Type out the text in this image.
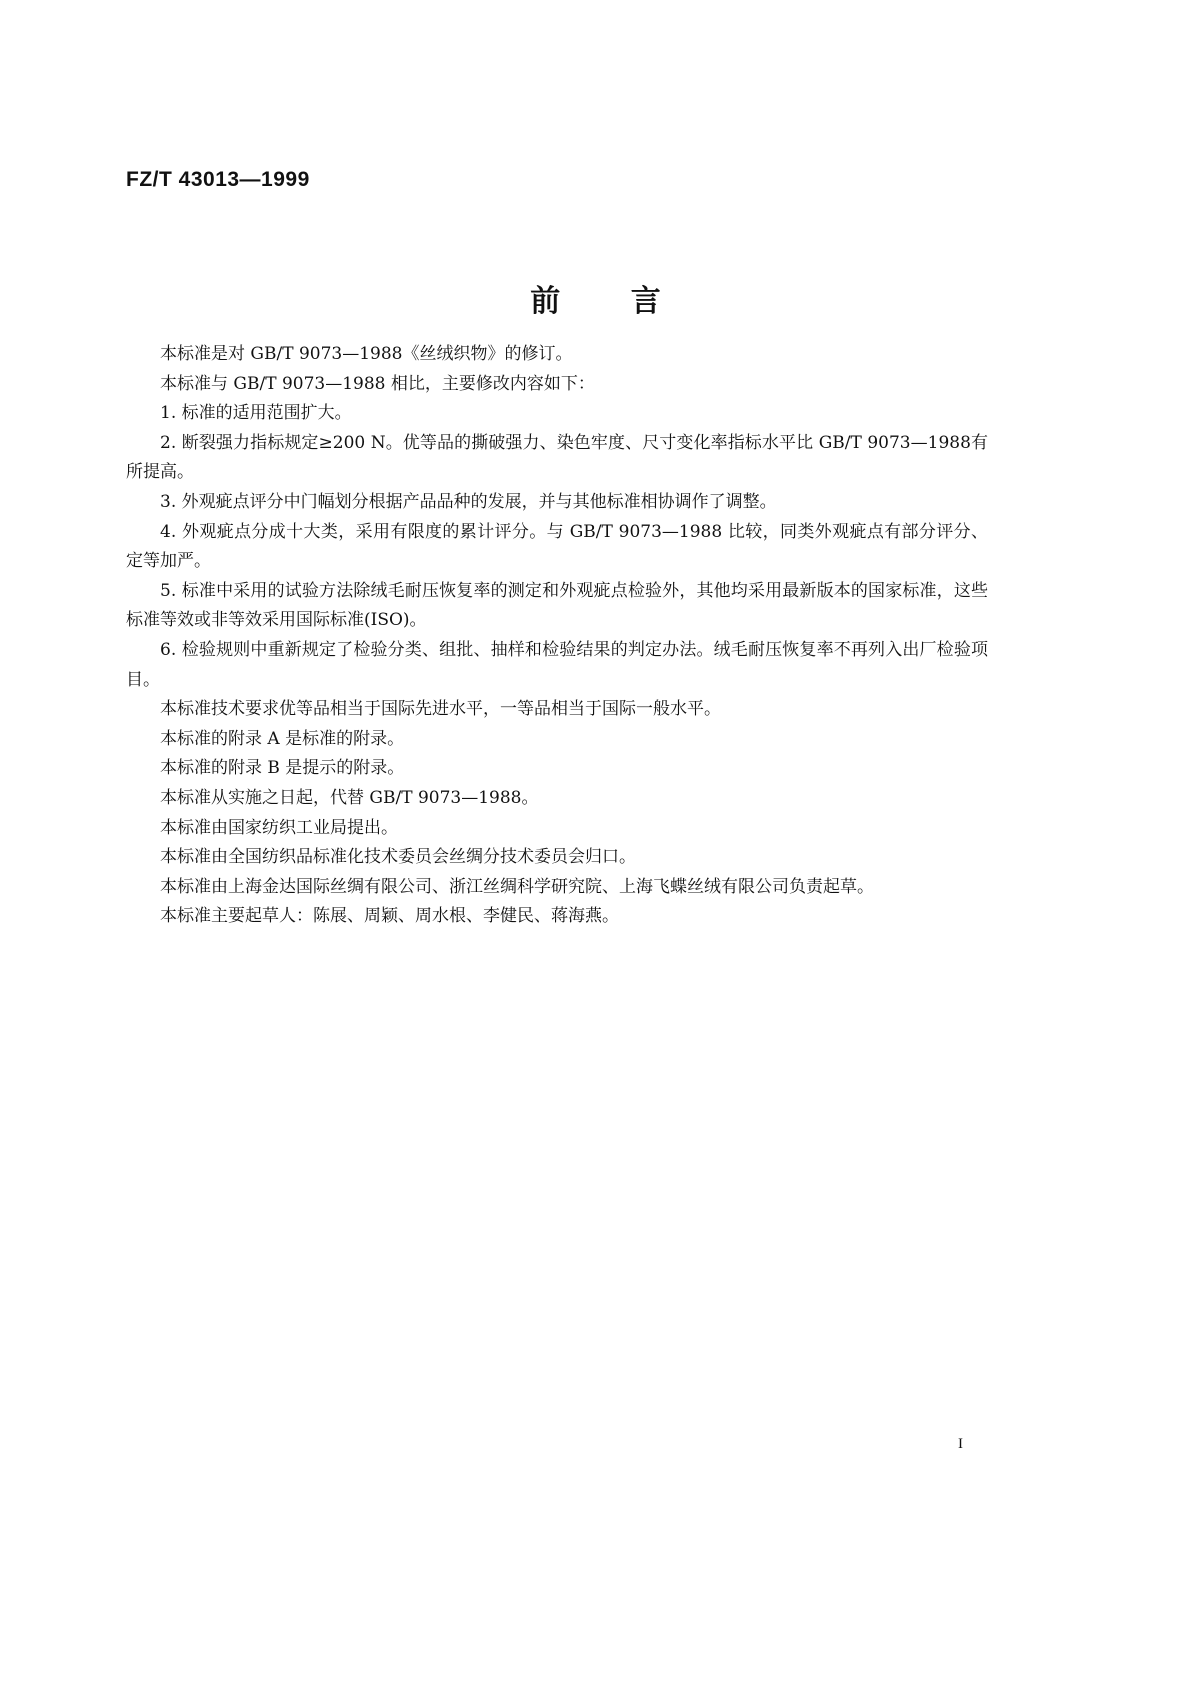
FZ/T 43013—1999
前 言

本标准是对 GB/T 9073—1988《丝绒织物》的修订。

本标准与 GB/T 9073—1988 相比，主要修改内容如下：

1. 标准的适用范围扩大。

2. 断裂强力指标规定≥200 N。优等品的撕破强力、染色牢度、尺寸变化率指标水平比 GB/T 9073—1988有所提高。

3. 外观疵点评分中门幅划分根据产品品种的发展，并与其他标准相协调作了调整。

4. 外观疵点分成十大类，采用有限度的累计评分。与 GB/T 9073—1988 比较，同类外观疵点有部分评分、定等加严。

5. 标准中采用的试验方法除绒毛耐压恢复率的测定和外观疵点检验外，其他均采用最新版本的国家标准，这些标准等效或非等效采用国际标准(ISO)。

6. 检验规则中重新规定了检验分类、组批、抽样和检验结果的判定办法。绒毛耐压恢复率不再列入出厂检验项目。

本标准技术要求优等品相当于国际先进水平，一等品相当于国际一般水平。

本标准的附录 A 是标准的附录。

本标准的附录 B 是提示的附录。

本标准从实施之日起，代替 GB/T 9073—1988。

本标准由国家纺织工业局提出。

本标准由全国纺织品标准化技术委员会丝绸分技术委员会归口。

本标准由上海金达国际丝绸有限公司、浙江丝绸科学研究院、上海飞蝶丝绒有限公司负责起草。

本标准主要起草人：陈展、周颖、周水根、李健民、蒋海燕。

I
